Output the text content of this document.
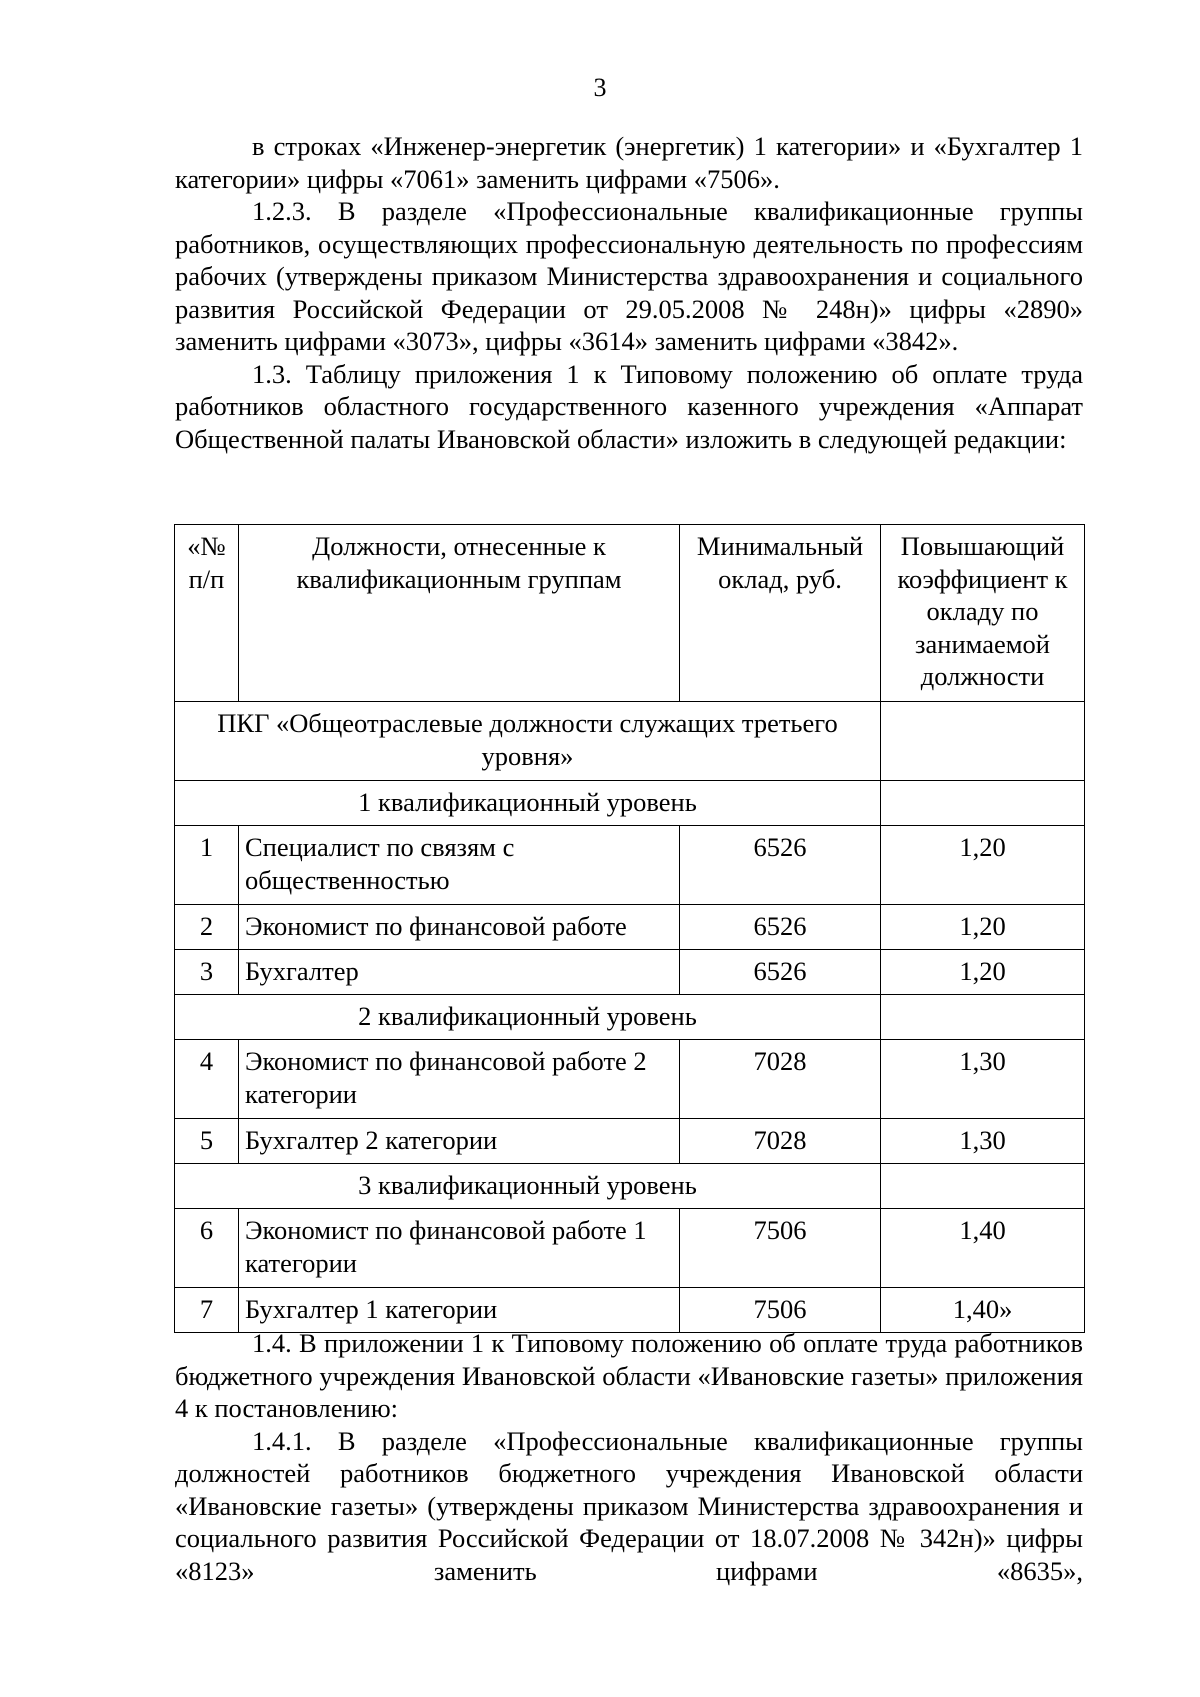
3

в строках «Инженер-энергетик (энергетик) 1 категории» и «Бухгалтер 1 категории» цифры «7061» заменить цифрами «7506».

1.2.3. В разделе «Профессиональные квалификационные группы работников, осуществляющих профессиональную деятельность по профессиям рабочих (утверждены приказом Министерства здравоохранения и социального развития Российской Федерации от 29.05.2008 № 248н)» цифры «2890» заменить цифрами «3073», цифры «3614» заменить цифрами «3842».

1.3. Таблицу приложения 1 к Типовому положению об оплате труда работников областного государственного казенного учреждения «Аппарат Общественной палаты Ивановской области» изложить в следующей редакции:

«№ п/п	Должности, отнесенные к квалификационным группам	Минимальный оклад, руб.	Повышающий коэффициент к окладу по занимаемой должности
ПКГ «Общеотраслевые должности служащих третьего уровня»			
1 квалификационный уровень			
1	Специалист по связям с общественностью	6526	1,20
2	Экономист по финансовой работе	6526	1,20
3	Бухгалтер	6526	1,20
2 квалификационный уровень			
4	Экономист по финансовой работе 2 категории	7028	1,30
5	Бухгалтер 2 категории	7028	1,30
3 квалификационный уровень			
6	Экономист по финансовой работе 1 категории	7506	1,40
7	Бухгалтер 1 категории	7506	1,40»

1.4. В приложении 1 к Типовому положению об оплате труда работников бюджетного учреждения Ивановской области «Ивановские газеты» приложения 4 к постановлению:

1.4.1. В разделе «Профессиональные квалификационные группы должностей работников бюджетного учреждения Ивановской области «Ивановские газеты» (утверждены приказом Министерства здравоохранения и социального развития Российской Федерации от 18.07.2008 № 342н)» цифры «8123» заменить цифрами «8635»,
